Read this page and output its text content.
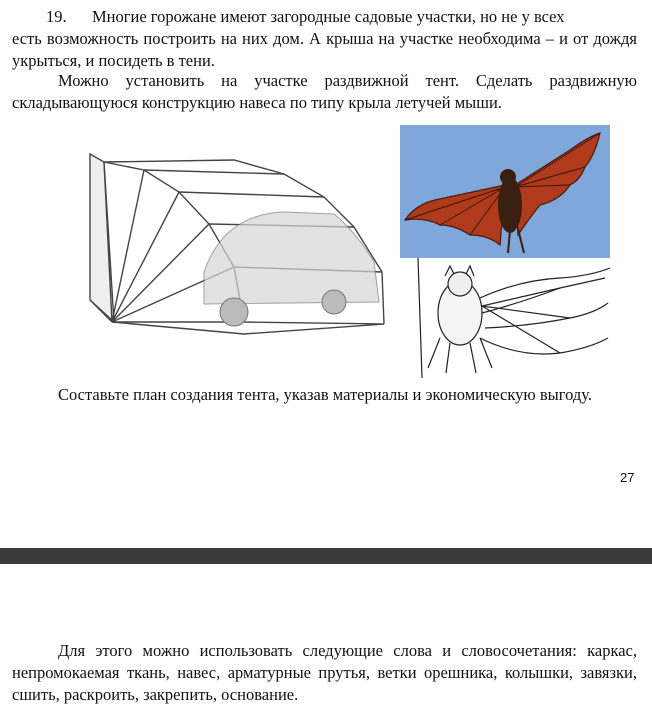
19. Многие горожане имеют загородные садовые участки, но не у всех
есть возможность построить на них дом. А крыша на участке необходима – и от дождя укрыться, и посидеть в тени.
Можно установить на участке раздвижной тент. Сделать раздвижную складывающуюся конструкцию навеса по типу крыла летучей мыши.
Составьте план создания тента, указав материалы и экономическую выгоду.
27
Для этого можно использовать следующие слова и словосочетания: каркас, непромокаемая ткань, навес, арматурные прутья, ветки орешника, колышки, завязки, сшить, раскроить, закрепить, основание.
